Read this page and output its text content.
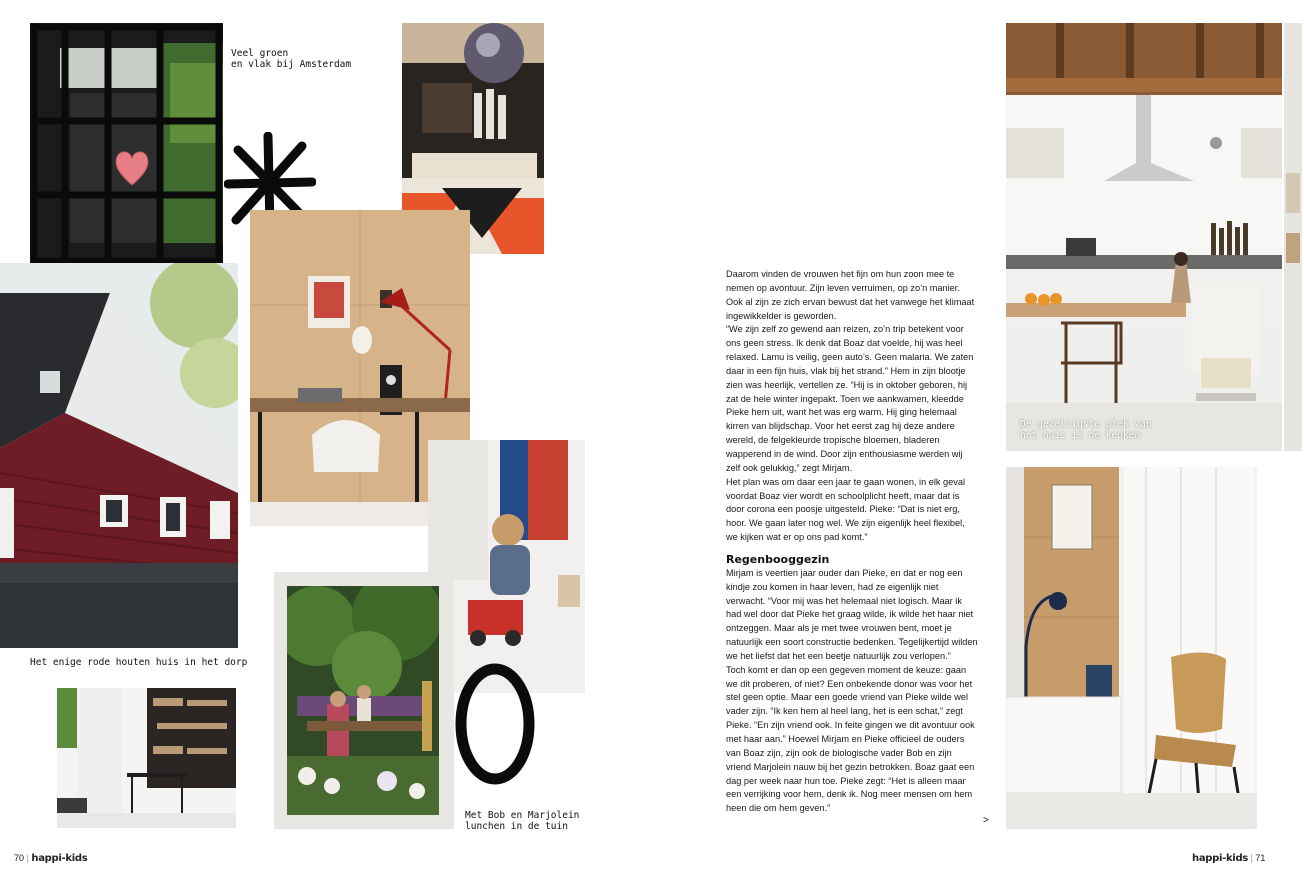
Veel groen
en vlak bij Amsterdam
Het enige rode houten huis in het dorp
Met Bob en Marjolein
lunchen in de tuin
70 | happi-kids

Daarom vinden de vrouwen het fijn om hun zoon mee te nemen op avontuur. Zijn leven verruimen, op zo’n manier. Ook al zijn ze zich ervan bewust dat het vanwege het klimaat ingewikkelder is geworden.

“We zijn zelf zo gewend aan reizen, zo’n trip betekent voor ons geen stress. Ik denk dat Boaz dat voelde, hij was heel relaxed. Lamu is veilig, geen auto’s. Geen malaria. We zaten daar in een fijn huis, vlak bij het strand.” Hem in zijn blootje zien was heerlijk, vertellen ze. “Hij is in oktober geboren, hij zat de hele winter ingepakt. Toen we aankwamen, kleedde Pieke hem uit, want het was erg warm. Hij ging helemaal kirren van blijdschap. Voor het eerst zag hij deze andere wereld, de felgekleurde tropische bloemen, bladeren wapperend in de wind. Door zijn enthousiasme werden wij zelf ook gelukkig,” zegt Mirjam.

Het plan was om daar een jaar te gaan wonen, in elk geval voordat Boaz vier wordt en schoolplicht heeft, maar dat is door corona een poosje uitgesteld. Pieke: “Dat is niet erg, hoor. We gaan later nog wel. We zijn eigenlijk heel flexibel, we kijken wat er op ons pad komt.”

Regenbooggezin

Mirjam is veertien jaar ouder dan Pieke, en dat er nog een kindje zou komen in haar leven, had ze eigenlijk niet verwacht. “Voor mij was het helemaal niet logisch. Maar ik had wel door dat Pieke het graag wilde, ik wilde het haar niet ontzeggen. Maar als je met twee vrouwen bent, moet je natuurlijk een soort constructie bedenken. Tegelijkertijd wilden we het liefst dat het een beetje natuurlijk zou verlopen.”

Toch komt er dan op een gegeven moment de keuze: gaan we dit proberen, of niet? Een onbekende donor was voor het stel geen optie. Maar een goede vriend van Pieke wilde wel vader zijn. “Ik ken hem al heel lang, het is een schat,” zegt Pieke. “En zijn vriend ook. In feite gingen we dit avontuur ook met haar aan.” Hoewel Mirjam en Pieke officieel de ouders van Boaz zijn, zijn ook de biologische vader Bob en zijn vriend Marjolein nauw bij het gezin betrokken. Boaz gaat een dag per week naar hun toe. Pieke zegt: “Het is alleen maar een verrijking voor hem, denk ik. Nog meer mensen om hem heen die om hem geven.”

>
De gezelligste plek van
het huis is de keuken
happi-kids | 71
